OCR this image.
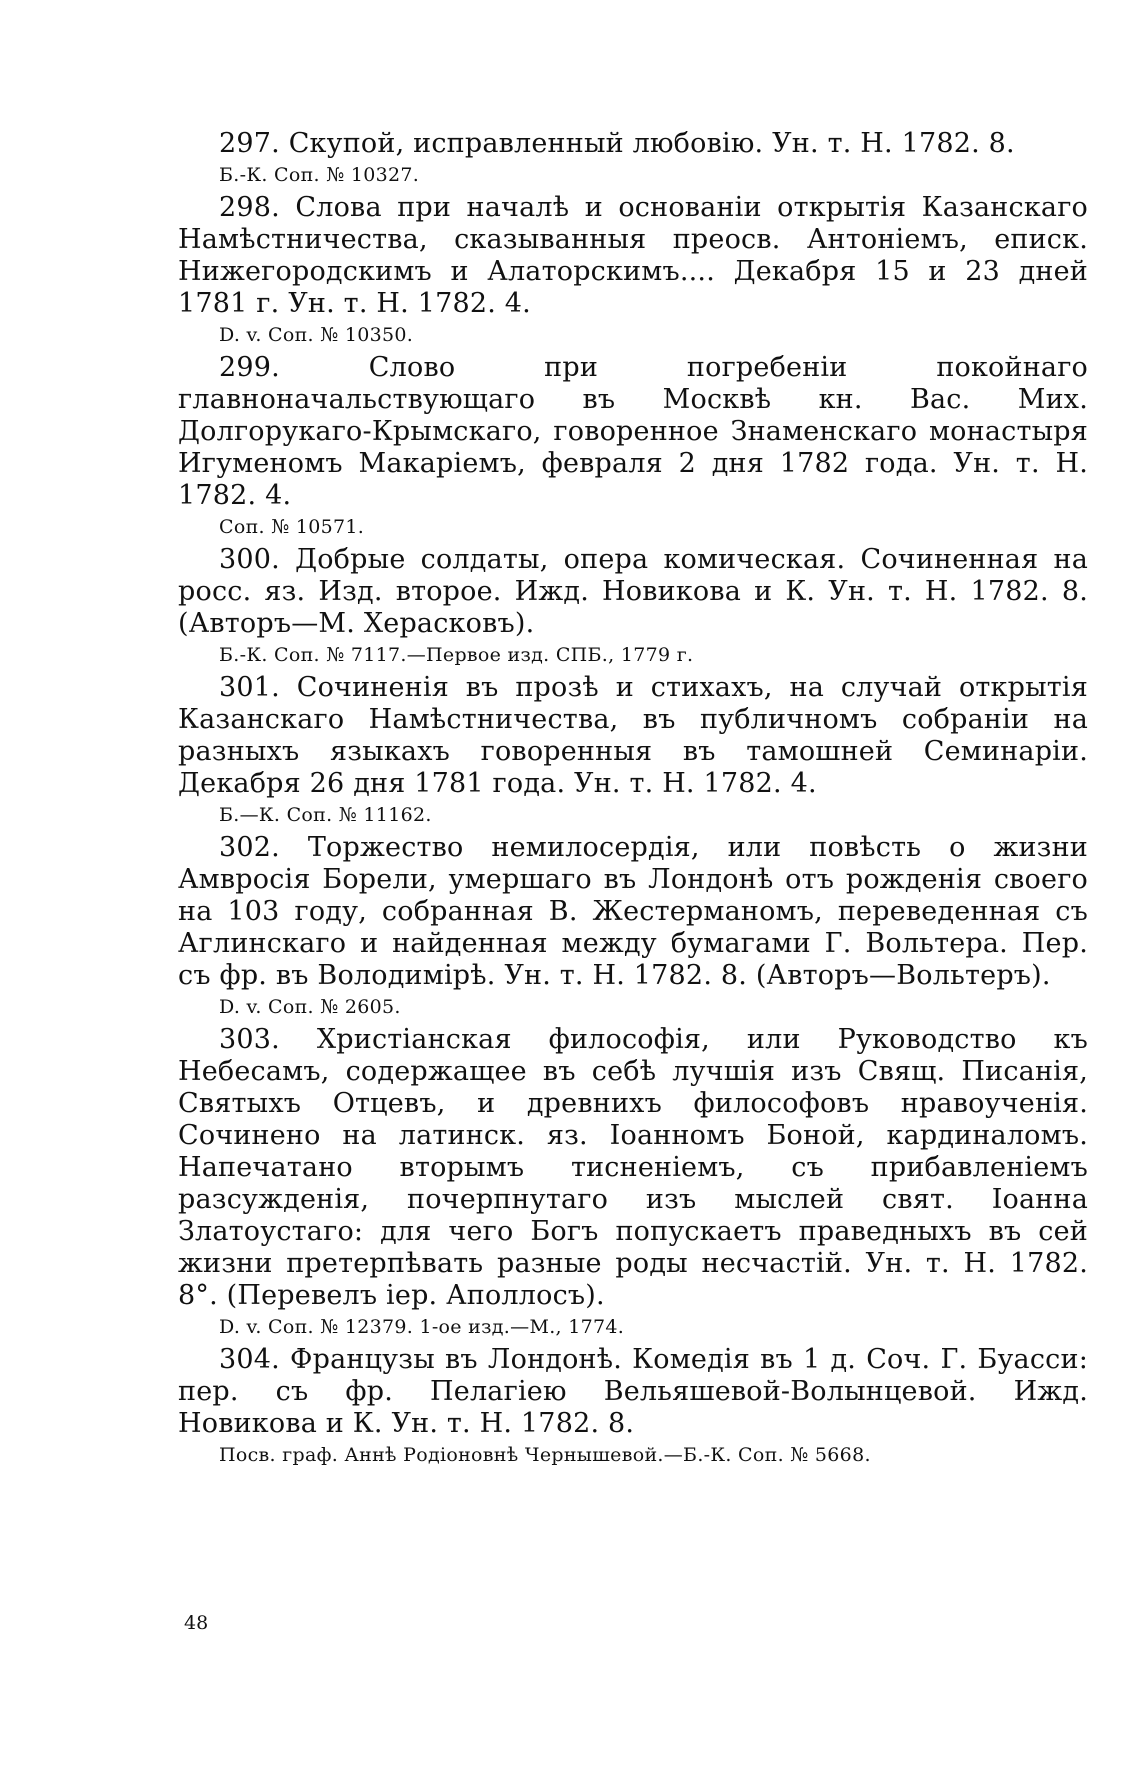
297. Скупой, исправленный любовію. Ун. т. Н. 1782. 8.

Б.-К. Соп. № 10327.

298. Слова при началѣ и основаніи открытія Казанскаго Намѣстничества, сказыванныя преосв. Антоніемъ, еписк. Нижегородскимъ и Алаторскимъ.... Декабря 15 и 23 дней 1781 г. Ун. т. Н. 1782. 4.

D. v. Соп. № 10350.

299. Слово при погребеніи покойнаго главноначальствующаго въ Москвѣ кн. Вас. Мих. Долгорукаго-Крымскаго, говоренное Знаменскаго монастыря Игуменомъ Макаріемъ, февраля 2 дня 1782 года. Ун. т. Н. 1782. 4.

Соп. № 10571.

300. Добрые солдаты, опера комическая. Сочиненная на росс. яз. Изд. второе. Ижд. Новикова и К. Ун. т. Н. 1782. 8. (Авторъ—М. Херасковъ).

Б.-К. Соп. № 7117.—Первое изд. СПБ., 1779 г.

301. Сочиненія въ прозѣ и стихахъ, на случай открытія Казанскаго Намѣстничества, въ публичномъ собраніи на разныхъ языкахъ говоренныя въ тамошней Семинаріи. Декабря 26 дня 1781 года. Ун. т. Н. 1782. 4.

Б.—К. Соп. № 11162.

302. Торжество немилосердія, или повѣсть о жизни Амвросія Борели, умершаго въ Лондонѣ отъ рожденія своего на 103 году, собранная В. Жестерманомъ, переведенная съ Аглинскаго и найденная между бумагами Г. Вольтера. Пер. съ фр. въ Володимірѣ. Ун. т. Н. 1782. 8. (Авторъ—Вольтеръ).

D. v. Соп. № 2605.

303. Христіанская философія, или Руководство къ Небесамъ, содержащее въ себѣ лучшія изъ Свящ. Писанія, Святыхъ Отцевъ, и древнихъ философовъ нравоученія. Сочинено на латинск. яз. Іоанномъ Боной, кардиналомъ. Напечатано вторымъ тисненіемъ, съ прибавленіемъ разсужденія, почерпнутаго изъ мыслей свят. Іоанна Златоустаго: для чего Богъ попускаетъ праведныхъ въ сей жизни претерпѣвать разные роды несчастій. Ун. т. Н. 1782. 8°. (Перевелъ іер. Аполлосъ).

D. v. Соп. № 12379. 1-ое изд.—М., 1774.

304. Французы въ Лондонѣ. Комедія въ 1 д. Соч. Г. Буасси: пер. съ фр. Пелагіею Вельяшевой-Волынцевой. Ижд. Новикова и К. Ун. т. Н. 1782. 8.

Посв. граф. Аннѣ Родіоновнѣ Чернышевой.—Б.-К. Соп. № 5668.
48
